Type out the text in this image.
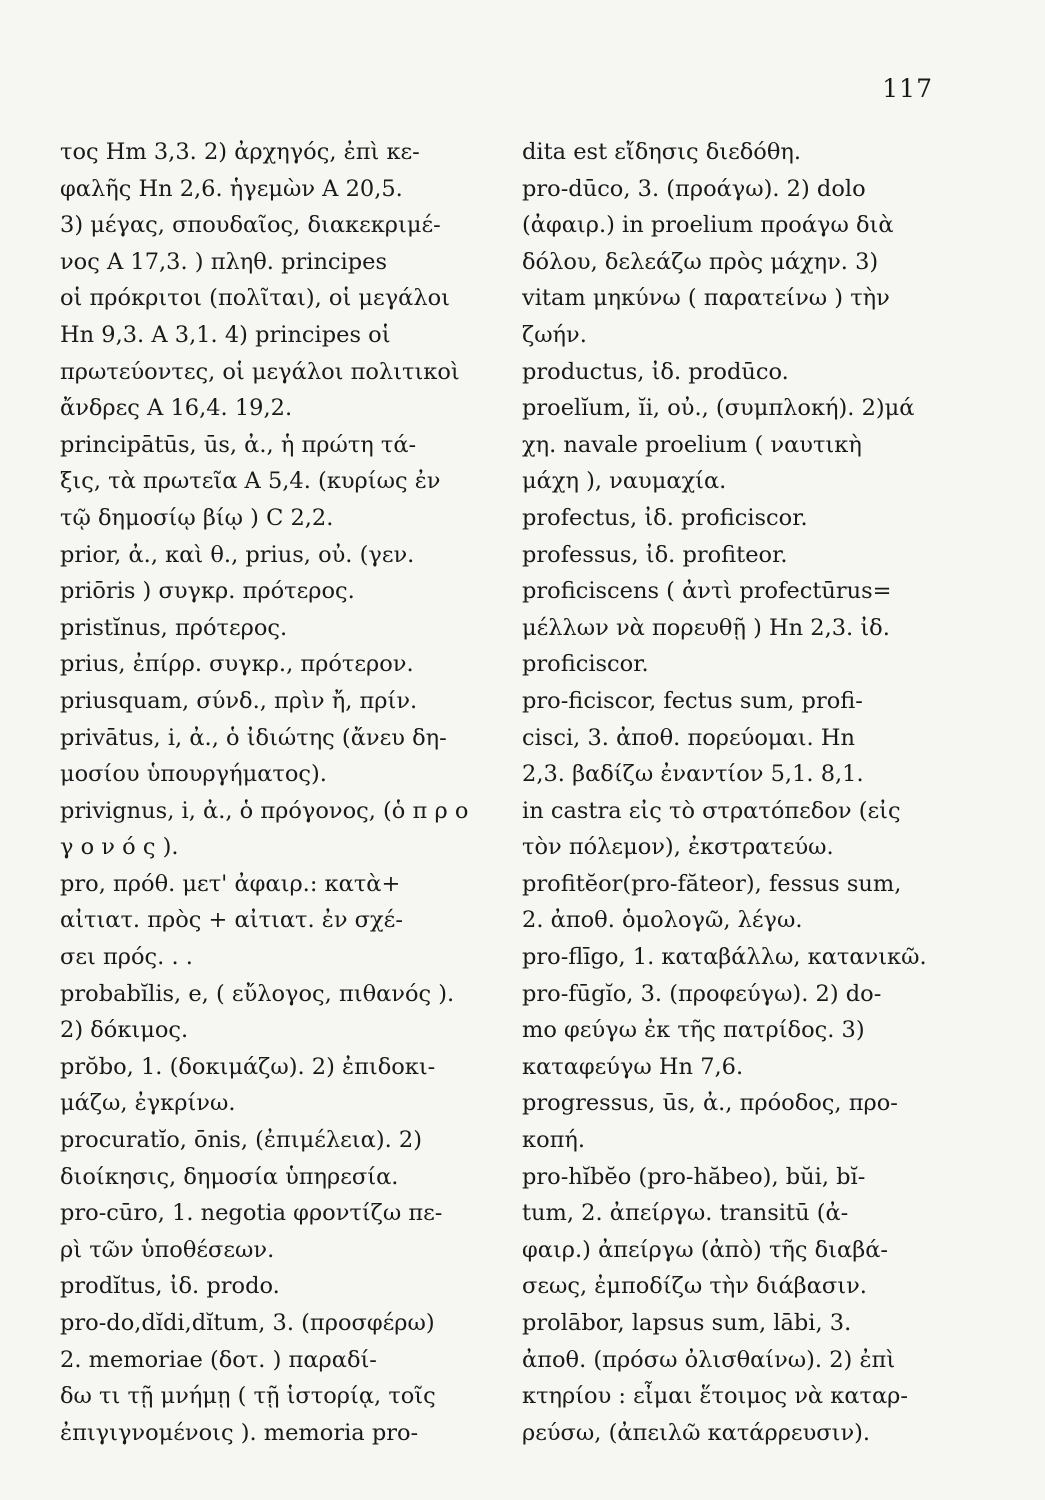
117
τος Hm 3,3. 2) ἀρχηγός, ἐπὶ κε-
φαλῆς Hn 2,6. ἡγεμὼν A 20,5.
3) μέγας, σπουδαῖος, διακεκριμέ-
νος A 17,3. ) πληθ. principes
οἱ πρόκριτοι (πολῖται), οἱ μεγάλοι
Hn 9,3. A 3,1. 4) principes οἱ
πρωτεύοντες, οἱ μεγάλοι πολιτικοὶ
ἄνδρες A 16,4. 19,2.
principātūs, ūs, ἀ., ἡ πρώτη τά-
ξις, τὰ πρωτεῖα A 5,4. (κυρίως ἐν
τῷ δημοσίῳ βίῳ ) C 2,2.
prior, ἀ., καὶ θ., prius, οὐ. (γεν.
priōris ) συγκρ. πρότερος.
pristĭnus, πρότερος.
prius, ἐπίρρ. συγκρ., πρότερον.
priusquam, σύνδ., πρὶν ἤ, πρίν.
privātus, i, ἀ., ὁ ἰδιώτης (ἄνευ δη-
μοσίου ὑπουργήματος).
privignus, i, ἀ., ὁ πρόγονος, (ὁ π ρ ο
γ ο ν ό ς ).
pro, πρόθ. μετ' ἀφαιρ.: κατὰ+
αἰτιατ. πρὸς + αἰτιατ. ἐν σχέ-
σει πρός. . .
probabĭlis, e, ( εὔλογος, πιθανός ).
2) δόκιμος.
prŏbo, 1. (δοκιμάζω). 2) ἐπιδοκι-
μάζω, ἐγκρίνω.
procuratĭo, ōnis, (ἐπιμέλεια). 2)
διοίκησις, δημοσία ὑπηρεσία.
pro-cūro, 1. negotia φροντίζω πε-
ρὶ τῶν ὑποθέσεων.
prodĭtus, ἰδ. prodo.
pro-do,dĭdi,dĭtum, 3. (προσφέρω)
2. memoriae (δοτ. ) παραδί-
δω τι τῇ μνήμῃ ( τῇ ἱστορίᾳ, τοῖς
ἐπιγιγνομένοις ). memoria pro-
dita est εἴδησις διεδόθη.
pro-dūco, 3. (προάγω). 2) dolo
(ἀφαιρ.) in proelium προάγω διὰ
δόλου, δελεάζω πρὸς μάχην. 3)
vitam μηκύνω ( παρατείνω ) τὴν
ζωήν.
productus, ἰδ. prodūco.
proelĭum, ĭi, οὐ., (συμπλοκή). 2)μά
χη. navale proelium ( ναυτικὴ
μάχη ), ναυμαχία.
profectus, ἰδ. proficiscor.
professus, ἰδ. profiteor.
proficiscens ( ἀντὶ profectūrus=
μέλλων νὰ πορευθῇ ) Hn 2,3. ἰδ.
proficiscor.
pro-ficiscor, fectus sum, profi-
cisci, 3. ἀποθ. πορεύομαι. Hn
2,3. βαδίζω ἐναντίον 5,1. 8,1.
in castra εἰς τὸ στρατόπεδον (εἰς
τὸν πόλεμον), ἐκστρατεύω.
profitĕor(pro-făteor), fessus sum,
2. ἀποθ. ὁμολογῶ, λέγω.
pro-flīgo, 1. καταβάλλω, κατανικῶ.
pro-fūgĭo, 3. (προφεύγω). 2) do-
mo φεύγω ἐκ τῆς πατρίδος. 3)
καταφεύγω Hn 7,6.
progressus, ūs, ἀ., πρόοδος, προ-
κοπή.
pro-hĭbĕo (pro-hăbeo), bŭi, bĭ-
tum, 2. ἀπείργω. transitū (ἀ-
φαιρ.) ἀπείργω (ἀπὸ) τῆς διαβά-
σεως, ἐμποδίζω τὴν διάβασιν.
prolābor, lapsus sum, lābi, 3.
ἀποθ. (πρόσω ὀλισθαίνω). 2) ἐπὶ
κτηρίου : εἶμαι ἕτοιμος νὰ καταρ-
ρεύσω, (ἀπειλῶ κατάρρευσιν).
